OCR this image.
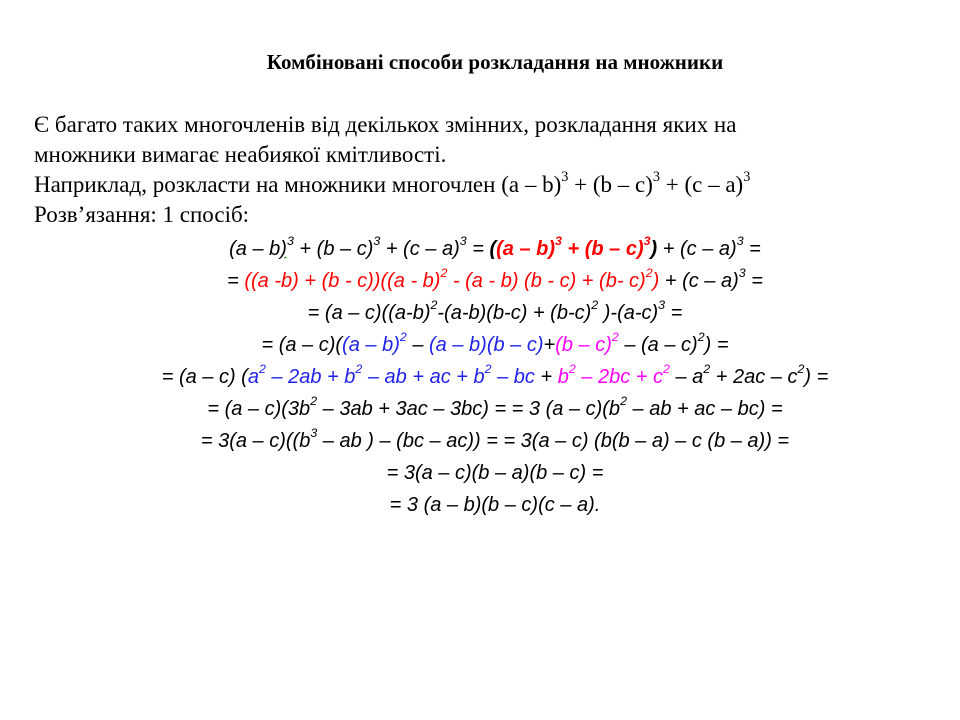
Комбіновані способи розкладання на множники
Є багато таких многочленів від декількох змінних, розкладання яких на
множники вимагає неабиякої кмітливості.
Наприклад, розкласти на множники многочлен (a – b)$^3$ + (b – c)$^3$ + (c – a)$^3$
Розв’язання: 1 спосіб:
(a – b)$^3$ + (b – c)$^3$ + (c – a)$^3$ = ((a – b)$^3$ + (b – c)$^3$) + (c – a)$^3$ =
= ((a -b) + (b - c))((a - b)$^2$ - (a - b) (b - c) + (b- c)$^2$) + (c – a)$^3$ =
= $(a - c)((a-b)^2-(a-b)(b-c) + (b-c)^2$ )$-(a-c)^3$ =
= (a – c)((a – b)$^2$ – (a – b)(b – c)+(b – c)$^2$ – (a – c)$^2$) =
= (a – c) ($a^2 - 2ab + b^2$ – ab + ac + $b^2$ – bc + $b^2 - 2bc + c^2 - a^2 + 2ac - c^2$) =
= $(a - c)(3b^2 - 3ab + 3ac - 3bc)$ = = 3 $(a - c)(b^2$ – ab + ac – bc) =
= $3(a - c)((b^3$ – ab ) – (bc – ac)) = = 3(a – c) (b(b – a) – c (b – a)) =
= 3(a – c)(b – a)(b – c) =
= 3 (a – b)(b – c)(c – a).
